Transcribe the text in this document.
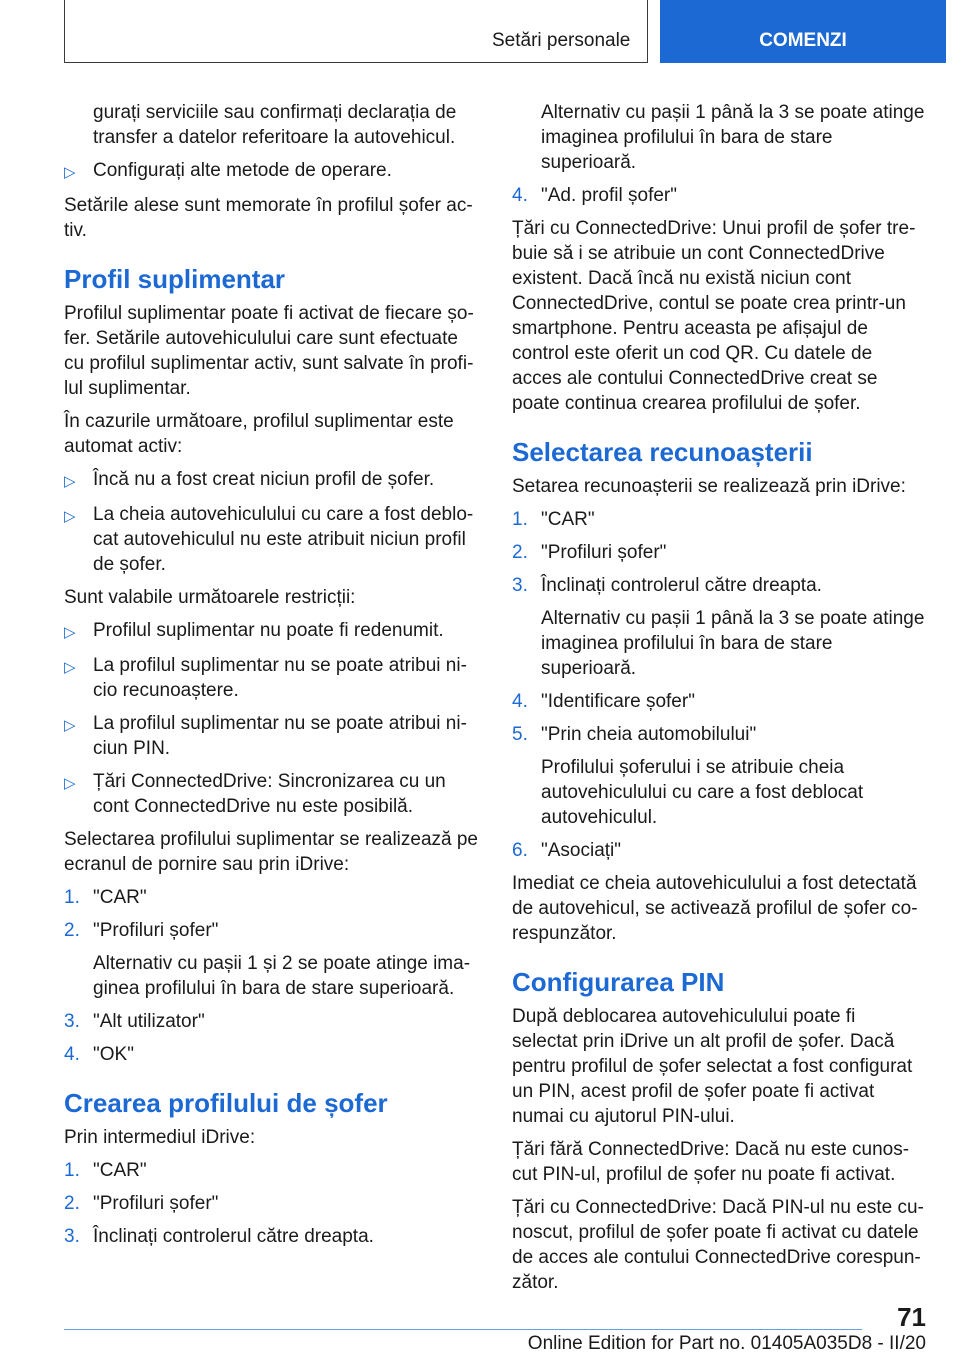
Setări personale	COMENZI
gurați serviciile sau confirmați declarația de transfer a datelor referitoare la autovehicul.
▷ Configurați alte metode de operare.
Setările alese sunt memorate în profilul șofer activ.
Profil suplimentar
Profilul suplimentar poate fi activat de fiecare șofer. Setările autovehiculului care sunt efectuate cu profilul suplimentar activ, sunt salvate în profilul suplimentar.
În cazurile următoare, profilul suplimentar este automat activ:
▷ Încă nu a fost creat niciun profil de șofer.
▷ La cheia autovehiculului cu care a fost deblocat autovehiculul nu este atribuit niciun profil de șofer.
Sunt valabile următoarele restricții:
▷ Profilul suplimentar nu poate fi redenumit.
▷ La profilul suplimentar nu se poate atribui nicio recunoaștere.
▷ La profilul suplimentar nu se poate atribui niciun PIN.
▷ Țări ConnectedDrive: Sincronizarea cu un cont ConnectedDrive nu este posibilă.
Selectarea profilului suplimentar se realizează pe ecranul de pornire sau prin iDrive:
1. "CAR"
2. "Profiluri șofer"
Alternativ cu pașii 1 și 2 se poate atinge imaginea profilului în bara de stare superioară.
3. "Alt utilizator"
4. "OK"
Crearea profilului de șofer
Prin intermediul iDrive:
1. "CAR"
2. "Profiluri șofer"
3. Înclinați controlerul către dreapta.
Alternativ cu pașii 1 până la 3 se poate atinge imaginea profilului în bara de stare superioară.
4. "Ad. profil șofer"
Țări cu ConnectedDrive: Unui profil de șofer trebuie să i se atribuie un cont ConnectedDrive existent. Dacă încă nu există niciun cont ConnectedDrive, contul se poate crea printr-un smartphone. Pentru aceasta pe afișajul de control este oferit un cod QR. Cu datele de acces ale contului ConnectedDrive creat se poate continua crearea profilului de șofer.
Selectarea recunoașterii
Setarea recunoașterii se realizează prin iDrive:
1. "CAR"
2. "Profiluri șofer"
3. Înclinați controlerul către dreapta.
Alternativ cu pașii 1 până la 3 se poate atinge imaginea profilului în bara de stare superioară.
4. "Identificare șofer"
5. "Prin cheia automobilului"
Profilului șoferului i se atribuie cheia autovehiculului cu care a fost deblocat autovehiculul.
6. "Asociați"
Imediat ce cheia autovehiculului a fost detectată de autovehicul, se activează profilul de șofer corespunzător.
Configurarea PIN
După deblocarea autovehiculului poate fi selectat prin iDrive un alt profil de șofer. Dacă pentru profilul de șofer selectat a fost configurat un PIN, acest profil de șofer poate fi activat numai cu ajutorul PIN-ului.
Țări fără ConnectedDrive: Dacă nu este cunoscut PIN-ul, profilul de șofer nu poate fi activat.
Țări cu ConnectedDrive: Dacă PIN-ul nu este cunoscut, profilul de șofer poate fi activat cu datele de acces ale contului ConnectedDrive corespunzător.
71
Online Edition for Part no. 01405A035D8 - II/20
